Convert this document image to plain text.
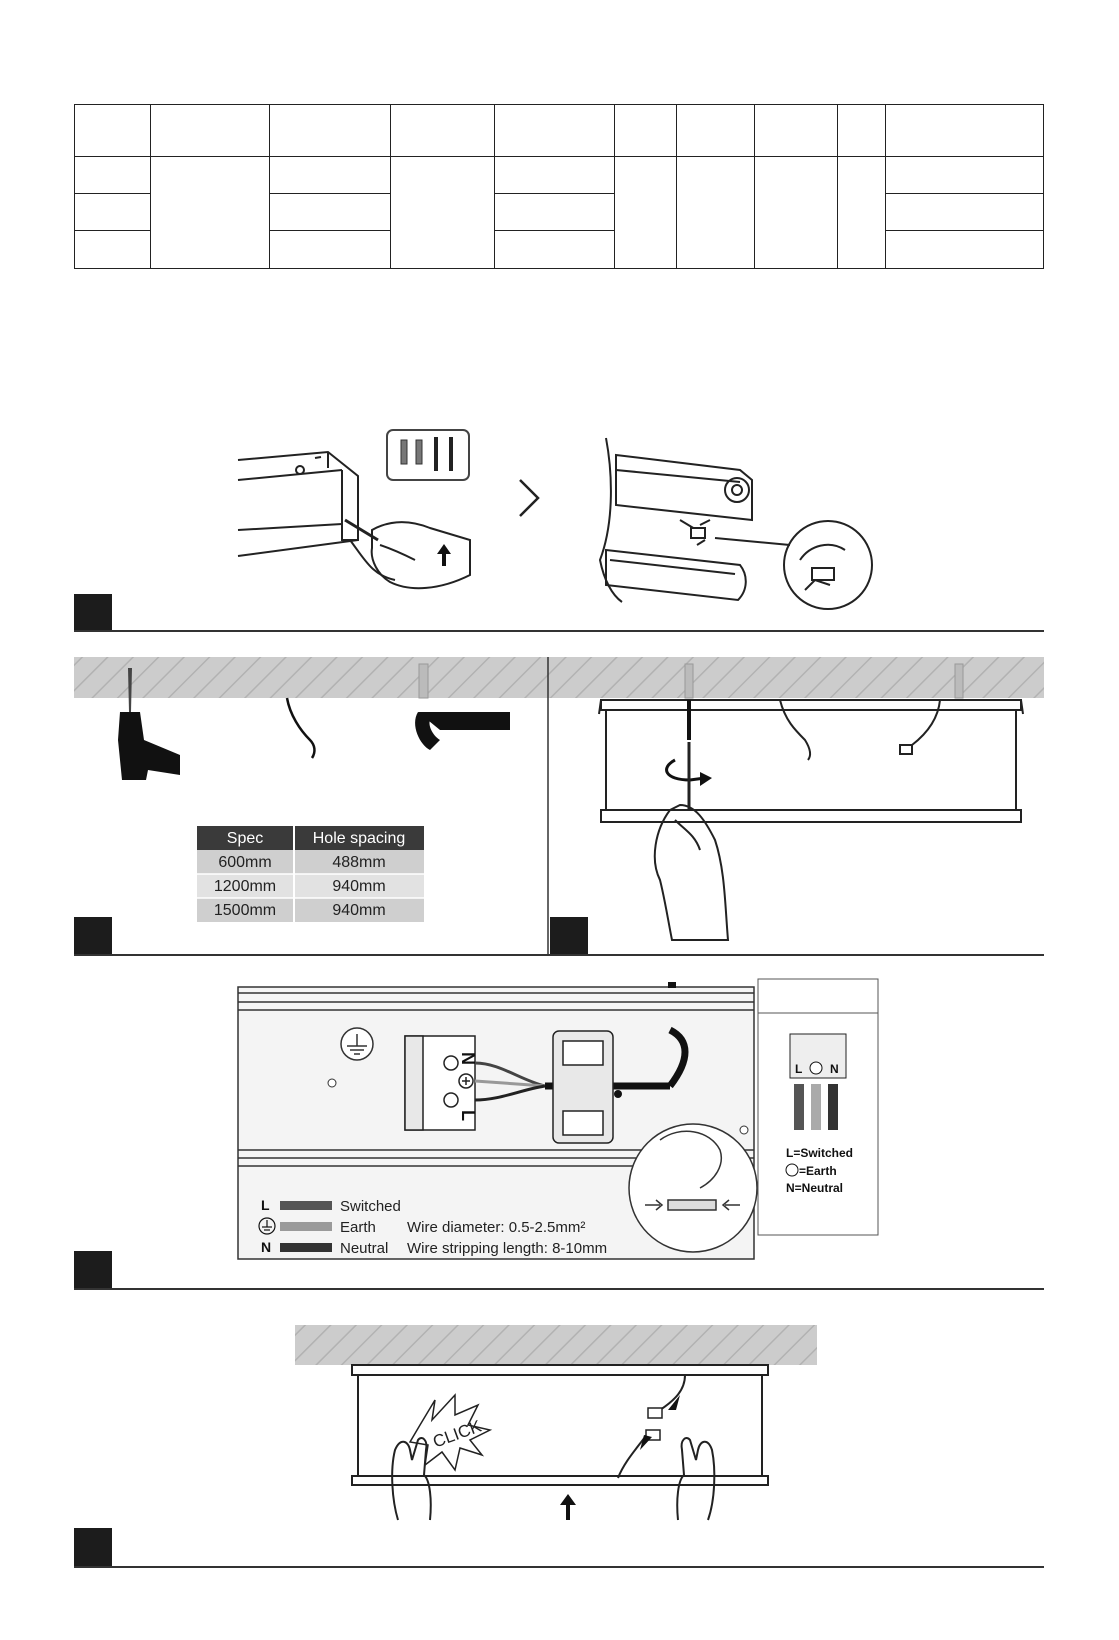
Spec	Hole spacing
600mm	488mm
1200mm	940mm
1500mm	940mm
N
L
L N
L=Switched
=Earth
N=Neutral
L	Switched
Earth
N	Neutral
Wire diameter: 0.5-2.5mm²
Wire stripping length: 8-10mm
CLICK
